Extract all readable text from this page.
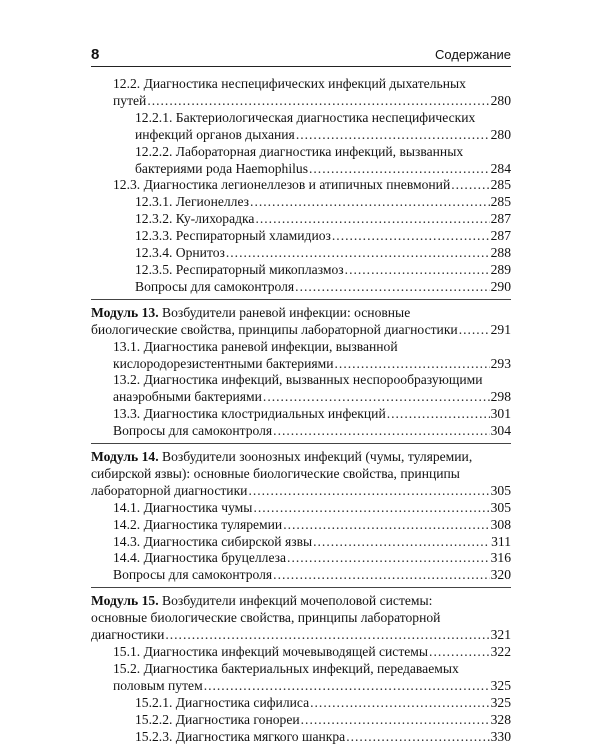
8	Содержание
12.2. Диагностика неспецифических инфекций дыхательных
путей .....	280
12.2.1. Бактериологическая диагностика неспецифических
инфекций органов дыхания .....	280
12.2.2. Лабораторная диагностика инфекций, вызванных
бактериями рода Haemophilus .....	284
12.3. Диагностика легионеллезов и атипичных пневмоний .....	285
12.3.1. Легионеллез .....	285
12.3.2. Ку-лихорадка .....	287
12.3.3. Респираторный хламидиоз .....	287
12.3.4. Орнитоз .....	288
12.3.5. Респираторный микоплазмоз .....	289
Вопросы для самоконтроля .....	290
Модуль 13. Возбудители раневой инфекции: основные
биологические свойства, принципы лабораторной диагностики ..... 291
13.1. Диагностика раневой инфекции, вызванной
кислородорезистентными бактериями .....	293
13.2. Диагностика инфекций, вызванных неспорообразующими
анаэробными бактериями .....	298
13.3. Диагностика клостридиальных инфекций .....	301
Вопросы для самоконтроля .....	304
Модуль 14. Возбудители зоонозных инфекций (чумы, туляремии,
сибирской язвы): основные биологические свойства, принципы
лабораторной диагностики .....	305
14.1. Диагностика чумы .....	305
14.2. Диагностика туляремии .....	308
14.3. Диагностика сибирской язвы .....	311
14.4. Диагностика бруцеллеза .....	316
Вопросы для самоконтроля .....	320
Модуль 15. Возбудители инфекций мочеполовой системы:
основные биологические свойства, принципы лабораторной
диагностики .....	321
15.1. Диагностика инфекций мочевыводящей системы .....	322
15.2. Диагностика бактериальных инфекций, передаваемых
половым путем .....	325
15.2.1. Диагностика сифилиса .....	325
15.2.2. Диагностика гонореи .....	328
15.2.3. Диагностика мягкого шанкра .....	330
